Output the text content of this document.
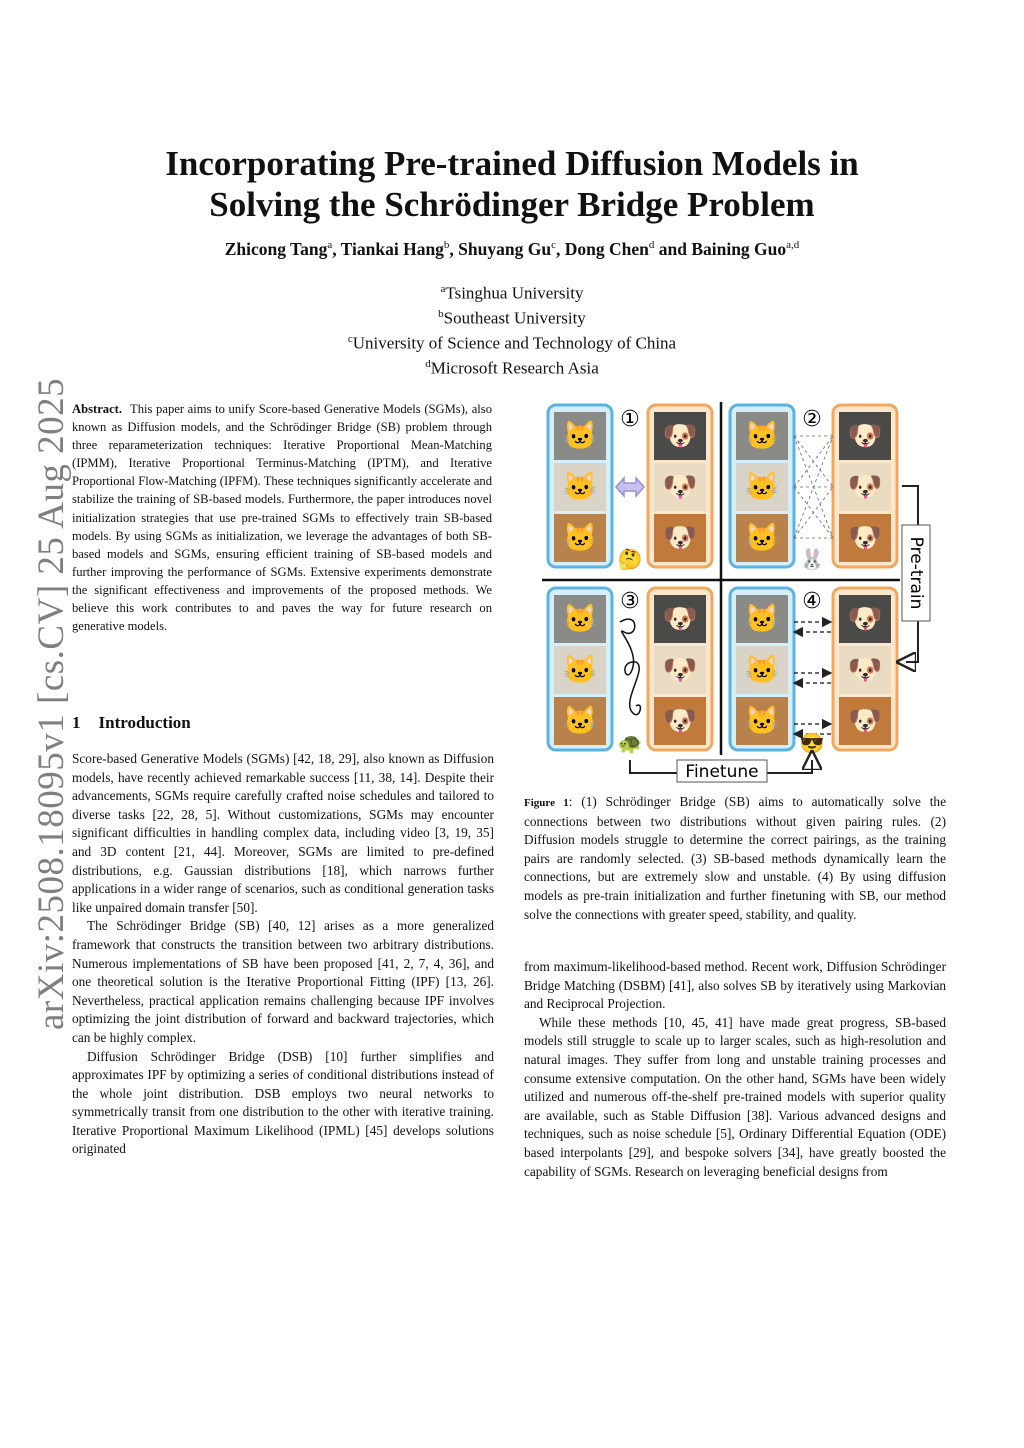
arXiv:2508.18095v1 [cs.CV] 25 Aug 2025
Incorporating Pre-trained Diffusion Models in
Solving the Schrödinger Bridge Problem
Zhicong Tang$^a$, Tiankai Hang$^b$, Shuyang Gu$^c$, Dong Chen$^d$ and Baining Guo$^{a,d}$
$^a$Tsinghua University
$^b$Southeast University
$^c$University of Science and Technology of China
$^d$Microsoft Research Asia

Abstract. This paper aims to unify Score-based Generative Models (SGMs), also known as Diffusion models, and the Schrödinger Bridge (SB) problem through three reparameterization techniques: Iterative Proportional Mean-Matching (IPMM), Iterative Proportional Terminus-Matching (IPTM), and Iterative Proportional Flow-Matching (IPFM). These techniques significantly accelerate and stabilize the training of SB-based models. Furthermore, the paper introduces novel initialization strategies that use pre-trained SGMs to effectively train SB-based models. By using SGMs as initialization, we leverage the advantages of both SB-based models and SGMs, ensuring efficient training of SB-based models and further improving the performance of SGMs. Extensive experiments demonstrate the significant effectiveness and improvements of the proposed methods. We believe this work contributes to and paves the way for future research on generative models.

1 Introduction

Score-based Generative Models (SGMs) [42, 18, 29], also known as Diffusion models, have recently achieved remarkable success [11, 38, 14]. Despite their advancements, SGMs require carefully crafted noise schedules and tailored to diverse tasks [22, 28, 5]. Without customizations, SGMs may encounter significant difficulties in handling complex data, including video [3, 19, 35] and 3D content [21, 44]. Moreover, SGMs are limited to pre-defined distributions, e.g. Gaussian distributions [18], which narrows further applications in a wider range of scenarios, such as conditional generation tasks like unpaired domain transfer [50].

The Schrödinger Bridge (SB) [40, 12] arises as a more generalized framework that constructs the transition between two arbitrary distributions. Numerous implementations of SB have been proposed [41, 2, 7, 4, 36], and one theoretical solution is the Iterative Proportional Fitting (IPF) [13, 26]. Nevertheless, practical application remains challenging because IPF involves optimizing the joint distribution of forward and backward trajectories, which can be highly complex.

Diffusion Schrödinger Bridge (DSB) [10] further simplifies and approximates IPF by optimizing a series of conditional distributions instead of the whole joint distribution. DSB employs two neural networks to symmetrically transit from one distribution to the other with iterative training. Iterative Proportional Maximum Likelihood (IPML) [45] develops solutions originated

🐱
🐱
🐱
🐶
🐶
🐶
①
🤔
🐱
🐱
🐱
🐶
🐶
🐶
②
🐰
🐱
🐱
🐱
🐶
🐶
🐶
③
🐢
🐱
🐱
🐱
🐶
🐶
🐶
④
😎
Pre-train
Finetune

Figure 1: (1) Schrödinger Bridge (SB) aims to automatically solve the connections between two distributions without given pairing rules. (2) Diffusion models struggle to determine the correct pairings, as the training pairs are randomly selected. (3) SB-based methods dynamically learn the connections, but are extremely slow and unstable. (4) By using diffusion models as pre-train initialization and further finetuning with SB, our method solve the connections with greater speed, stability, and quality.

from maximum-likelihood-based method. Recent work, Diffusion Schrödinger Bridge Matching (DSBM) [41], also solves SB by iteratively using Markovian and Reciprocal Projection.

While these methods [10, 45, 41] have made great progress, SB-based models still struggle to scale up to larger scales, such as high-resolution and natural images. They suffer from long and unstable training processes and consume extensive computation. On the other hand, SGMs have been widely utilized and numerous off-the-shelf pre-trained models with superior quality are available, such as Stable Diffusion [38]. Various advanced designs and techniques, such as noise schedule [5], Ordinary Differential Equation (ODE) based interpolants [29], and bespoke solvers [34], have greatly boosted the capability of SGMs. Research on leveraging beneficial designs from
